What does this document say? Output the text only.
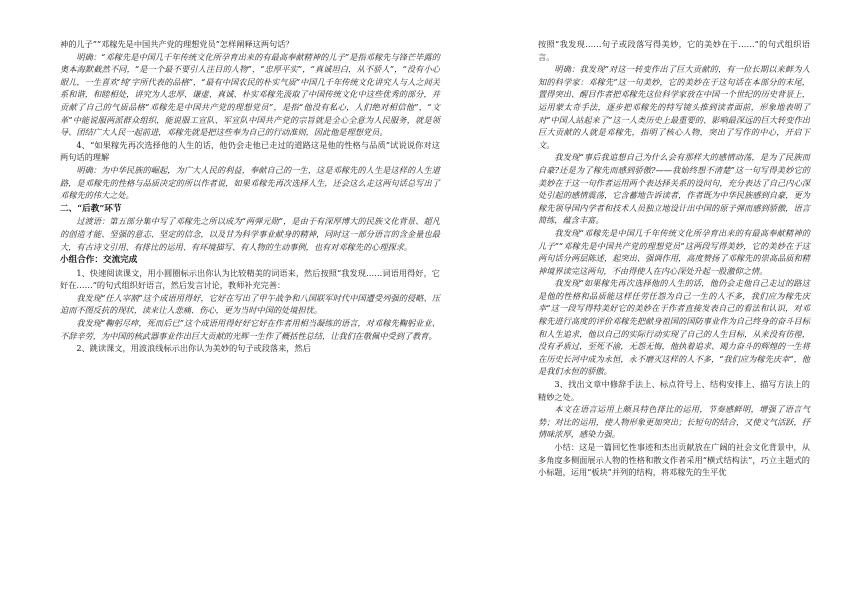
神的儿子”“邓稼先是中国共产党的理想党员”怎样阐释这两句话？

明确：“邓稼先是中国几千年传统文化所孕育出来的有最高奉献精神的儿子”是指邓稼先与锋芒毕露的奥本海默截然不同，“是一个最不要引人注目的人物”，“忠厚平实”，“真诚坦白，从不骄人”，“没有小心眼儿，一生喜欢‘纯’字所代表的品格”，“最有中国农民的朴实气质”中国几千年传统文化讲究人与人之间关系和谐，和睦相处，讲究为人忠厚、谦虚、真诚、朴实邓稼先汲取了中国传统文化中这些优秀的部分，并贡献了自己的气质品格“邓稼先是中国共产党的理想党员”，是指“他没有私心，人们绝对相信他”，“文革”中能说服两派群众组织，能说服工宣队、军宣队中国共产党的宗旨就是全心全意为人民服务，就是领导、团结广大人民一起前进，邓稼先就是把这些奉为自己的行动准则，因此他是理想党员。

4、“如果稼先再次选择他的人生的话，他仍会走他已走过的道路这是他的性格与品质”试说说你对这两句话的理解

明确：为中华民族的崛起，为广大人民的利益，奉献自己的一生，这是邓稼先的人生是这样的人生道路，是邓稼先的性格与品质决定的所以作者说，如果邓稼先再次选择人生，还会这么走这两句话总写出了邓稼先的伟大之处。

二、“后教”环节

过渡语：第五部分集中写了邓稼先之所以成为“两弹元勋”，是由于有深厚博大的民族文化背景、超凡的创造才能、坚强的意志、坚定的信念，以及甘为科学事业献身的精神，同时这一部分语言的含金量也最大，有古诗文引用、有排比的运用、有环境描写、有人物的生动事例，也有对邓稼先的心理探求。

小组合作：交流完成

1、快速阅读课文，用小圆圈标示出你认为比较精美的词语来，然后按照“我发现……词语用得好，它好在……”的句式组织好语言，然后发言讨论，教师补充完善：

我发现“任人宰割”这个成语用得好，它好在写出了甲午战争和八国联军时代中国遭受列强的侵略、压迫而不图反抗的现状，读来让人悲痛、伤心，更为当时中国的处境担忧。

我发现“鞠躬尽瘁，死而后已”这个成语用得好好它好在作者用相当凝练的语言，对邓稼先鞠躬业业、不辞辛劳，为中国的核武器事业作出巨大贡献的光辉一生作了概括性总结，让我们在敬佩中受到了教育。

2、跳读课文，用波浪线标示出你认为美妙的句子或段落来，然后

按照“我发现……句子或段落写得美妙，它的美妙在于……”的句式组织语言。

明确：我发现“对这一转变作出了巨大贡献的，有一位长期以来鲜为人知的科学家：邓稼先”这一句美妙，它的美妙在于这句话在本部分的末尾，置得突出、醒目作者把邓稼先这位科学家放在中国一个世纪的历史背景上，运用蒙太奇手法，逐步把邓稼先的特写镜头推到读者面前，形象地表明了对“中国人站起来了”这一人类历史上最重要的、影响最深远的巨大转变作出巨大贡献的人就是邓稼先，指明了核心人物，突出了写作的中心，开启下文。

我发现“事后我追想自己为什么会有那样大的感情动荡，是为了民族而自豪?还是为了稼先而感到骄傲?——我始终想不清楚”这一句写得美妙它的美妙在于这一句作者运用两个表达择关系的设问句，充分表达了自己内心深处引起的感情震荡，它含蓄地告诉读者，作者既为中华民族感到自豪，更为稼先领导国内学者和技术人员独立地设计出中国的原子弹而感到骄傲，语言简练，蕴含丰富。

我发现“邓稼先是中国几千年传统文化所孕育出来的有最高奉献精神的儿子”“邓稼先是中国共产党的理想党员”这两段写得美妙，它的美妙在于这两句话分两层陈述，起突出、强调作用，高度赞扬了邓稼先的崇高品质和精神境界读完这两句，不由得使人在内心深处升起一股激仰之情。

我发现“如果稼先再次选择他的人生的话，他仍会走他自己走过的路这是他的性格和品质能这样任劳任怨为自己一生的人不多，我们应为稼先庆幸”这一段写得特美好它的美妙在于作者直接发表自己的看法和认识，对邓稼先进行高度的评价邓稼先把献身祖国的国防事业作为自己终身的奋斗目标和人生追求，他以自己的实际行动实现了自己的人生目标，从来没有彷徨，没有矛盾过，至死不渝，无怨无悔，他执着追求、竭力奋斗的辉煌的一生将在历史长河中成为永恒，永不磨灭这样的人不多，“我们应为稼先庆幸”，他是我们永恒的骄傲。

3、找出文章中修辞手法上、标点符号上、结构安排上、描写方法上的精妙之处。

本文在语言运用上颇具特色排比的运用，节奏感鲜明，增强了语言气势；对比的运用，使人物形象更加突出；长短句的结合，又使文气活跃，抒情味浓厚，感染力强。

小结：这是一篇回忆性事迹和杰出贡献放在广阔的社会文化背景中，从多角度多侧面展示人物的性格和散文作者采用“横式结构法”，巧立主题式的小标题，运用“板块”并列的结构，将邓稼先的生平优
